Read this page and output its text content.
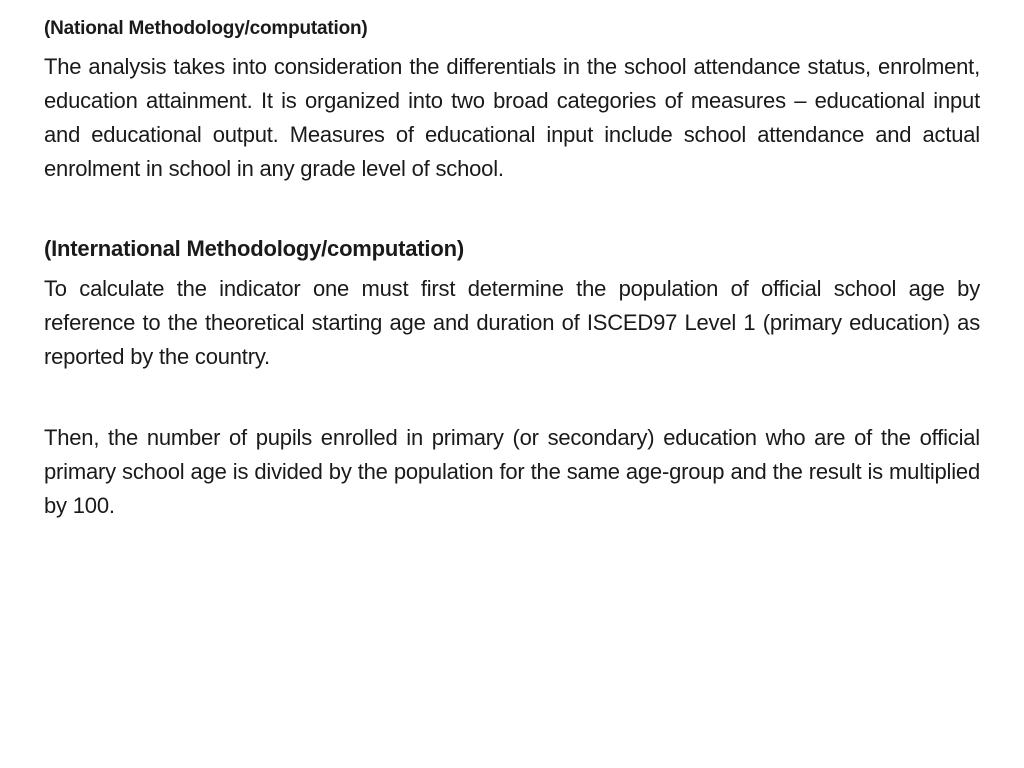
(National Methodology/computation)

The analysis takes into consideration the differentials in the school attendance status, enrolment, education attainment. It is organized into two broad categories of measures – educational input and educational output. Measures of educational input include school attendance and actual enrolment in school in any grade level of school.

(International Methodology/computation)

To calculate the indicator one must first determine the population of official school age by reference to the theoretical starting age and duration of ISCED97 Level 1 (primary education) as reported by the country.

Then, the number of pupils enrolled in primary (or secondary) education who are of the official primary school age is divided by the population for the same age-group and the result is multiplied by 100.
